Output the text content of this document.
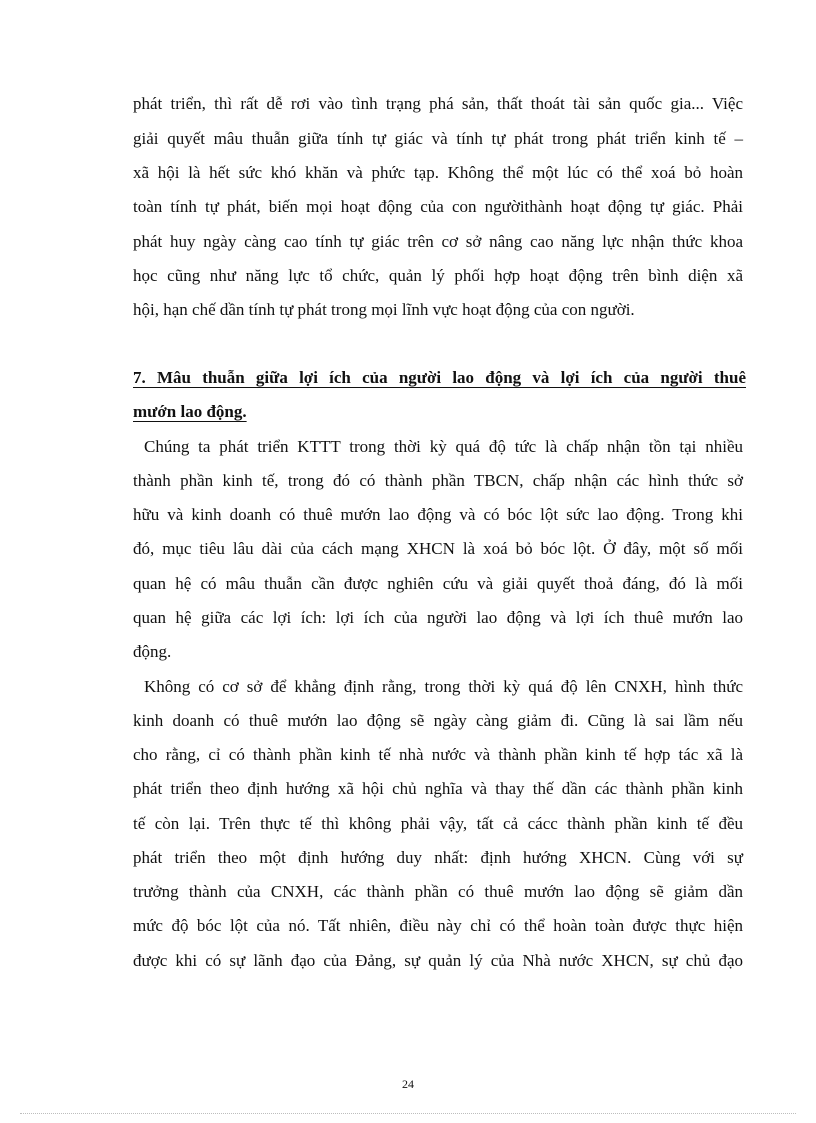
phát triển, thì rất dễ rơi vào tình trạng phá sản, thất thoát tài sản quốc gia... Việc
giải quyết mâu thuẫn giữa tính tự giác và tính tự phát trong phát triển kinh tế –
xã hội là hết sức khó khăn và phức tạp. Không thể một lúc có thể xoá bỏ hoàn
toàn tính tự phát, biến mọi hoạt động của con ngườithành hoạt động tự giác. Phải
phát huy ngày càng cao tính tự giác trên cơ sở nâng cao năng lực nhận thức khoa
học cũng như năng lực tổ chức, quản lý phối hợp hoạt động trên bình diện xã
hội, hạn chế dần tính tự phát trong mọi lĩnh vực hoạt động của con người.
7. Mâu thuẫn giữa lợi ích của người lao động và lợi ích của người thuê
mướn lao động.
Chúng ta phát triển KTTT trong thời kỳ quá độ tức là chấp nhận tồn tại nhiều
thành phần kinh tế, trong đó có thành phần TBCN, chấp nhận các hình thức sở
hữu và kinh doanh có thuê mướn lao động và có bóc lột sức lao động. Trong khi
đó, mục tiêu lâu dài của cách mạng XHCN là xoá bỏ bóc lột. Ở đây, một số mối
quan hệ có mâu thuẫn cần được nghiên cứu và giải quyết thoả đáng, đó là mối
quan hệ giữa các lợi ích: lợi ích của người lao động và lợi ích thuê mướn lao
động.
Không có cơ sở để khẳng định rằng, trong thời kỳ quá độ lên CNXH, hình thức
kinh doanh có thuê mướn lao động sẽ ngày càng giảm đi. Cũng là sai lầm nếu
cho rằng, cỉ có thành phần kinh tế nhà nước và thành phần kinh tế hợp tác xã là
phát triển theo định hướng xã hội chủ nghĩa và thay thế dần các thành phần kinh
tế còn lại. Trên thực tế thì không phải vậy, tất cả cácc thành phần kinh tế đều
phát triển theo một định hướng duy nhất: định hướng XHCN. Cùng với sự
trưởng thành của CNXH, các thành phần có thuê mướn lao động sẽ giảm dần
mức độ bóc lột của nó. Tất nhiên, điều này chỉ có thể hoàn toàn được thực hiện
được khi có sự lãnh đạo của Đảng, sự quản lý của Nhà nước XHCN, sự chủ đạo
24
